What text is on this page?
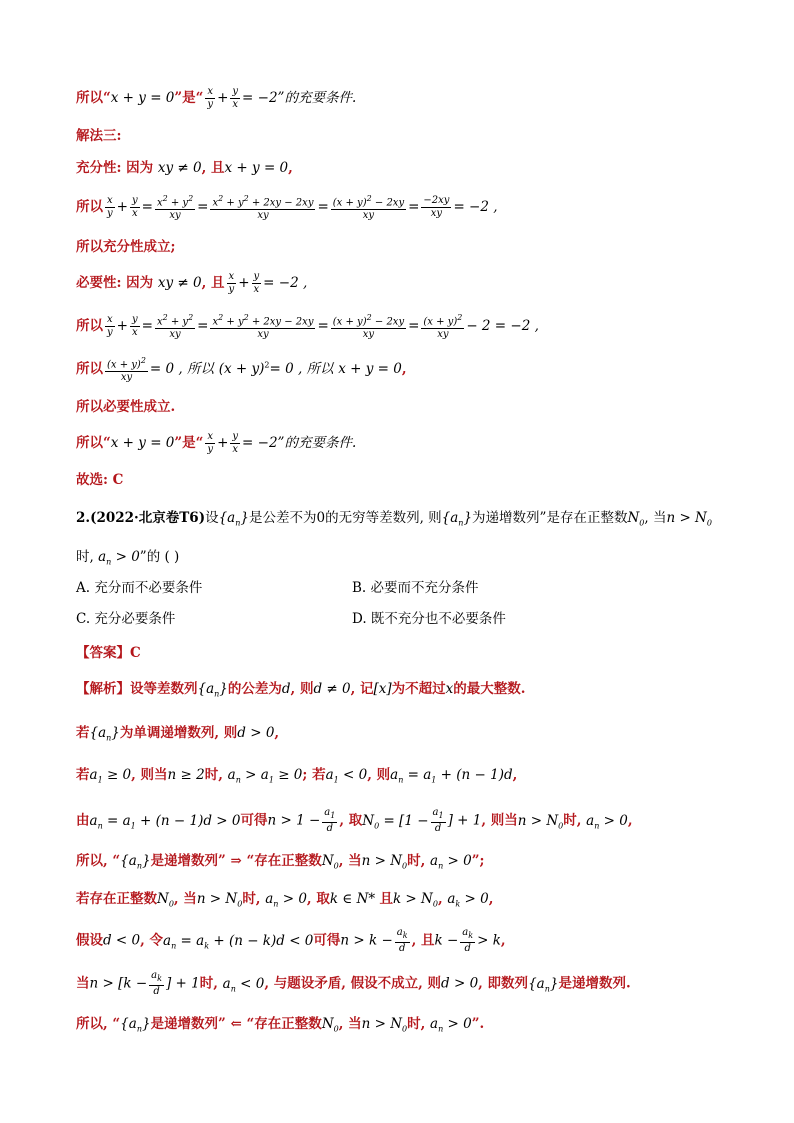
所以“x + y = 0”是“ $\frac{x}{y} + \frac{y}{x} = -2$”的充要条件.
解法三:
充分性: 因为 xy ≠ 0, 且x + y = 0,
所以 $\frac{x}{y} + \frac{y}{x} = \frac{x^2 + y^2}{xy} = \frac{x^2 + y^2 + 2xy - 2xy}{xy} = \frac{(x + y)^2 - 2xy}{xy} = \frac{-2xy}{xy} = -2$ ,
所以充分性成立;
必要性: 因为 xy ≠ 0, 且 $\frac{x}{y} + \frac{y}{x} = -2$ ,
所以 $\frac{x}{y} + \frac{y}{x} = \frac{x^2 + y^2}{xy} = \frac{x^2 + y^2 + 2xy - 2xy}{xy} = \frac{(x + y)^2 - 2xy}{xy} = \frac{(x + y)^2}{xy} - 2 = -2$ ,
所以 $\frac{(x + y)^2}{xy} = 0$ , 所以 $(x + y)^2= 0$ , 所以 x + y = 0,
所以必要性成立.
所以“x + y = 0”是“ $\frac{x}{y} + \frac{y}{x} = -2$”的充要条件.
故选: C
2.(2022·北京卷T6)设$\{a_n\}$是公差不为0的无穷等差数列, 则$\{a_n\}$为递增数列”是存在正整数$N_0$, 当$n > N_0$
时, $a_n > 0$”的 ( )
A. 充分而不必要条件	B. 必要而不充分条件
C. 充分必要条件	D. 既不充分也不必要条件
【答案】C
【解析】设等差数列$\{a_n\}$的公差为d, 则d ≠ 0, 记[x]为不超过x的最大整数.
若$\{a_n\}$为单调递增数列, 则d > 0,
若$a_1 \ge 0$, 则当n ≥ 2时, $a_n > a_1 \ge 0$; 若$a_1 < 0$, 则$a_n = a_1 + (n - 1)d$,
由$a_n = a_1 + (n - 1)d > 0$可得$n > 1 - \frac{a_1}{d}$ , 取$N_0 = [1 - \frac{a_1}{d}$ ] + 1, 则当$n > N_0$时, $a_n > 0$,
所以, “$\{a_n\}$是递增数列” ⇒ “存在正整数$N_0$, 当$n > N_0$时, $a_n > 0$”;
若存在正整数$N_0$, 当$n > N_0$时, $a_n > 0$, 取k ∈ N* 且$k > N_0$, $a_k > 0$,
假设d < 0, 令$a_n = a_k + (n - k)d < 0$可得$n > k - \frac{a_k}{d}$ , 且$k - \frac{a_k}{d} > k$,
当$n > [k - \frac{a_k}{d}$ ] + 1时, $a_n < 0$, 与题设矛盾, 假设不成立, 则d > 0, 即数列$\{a_n\}$是递增数列.
所以, “$\{a_n\}$是递增数列” ⇐ “存在正整数$N_0$, 当$n > N_0$时, $a_n > 0$”.
